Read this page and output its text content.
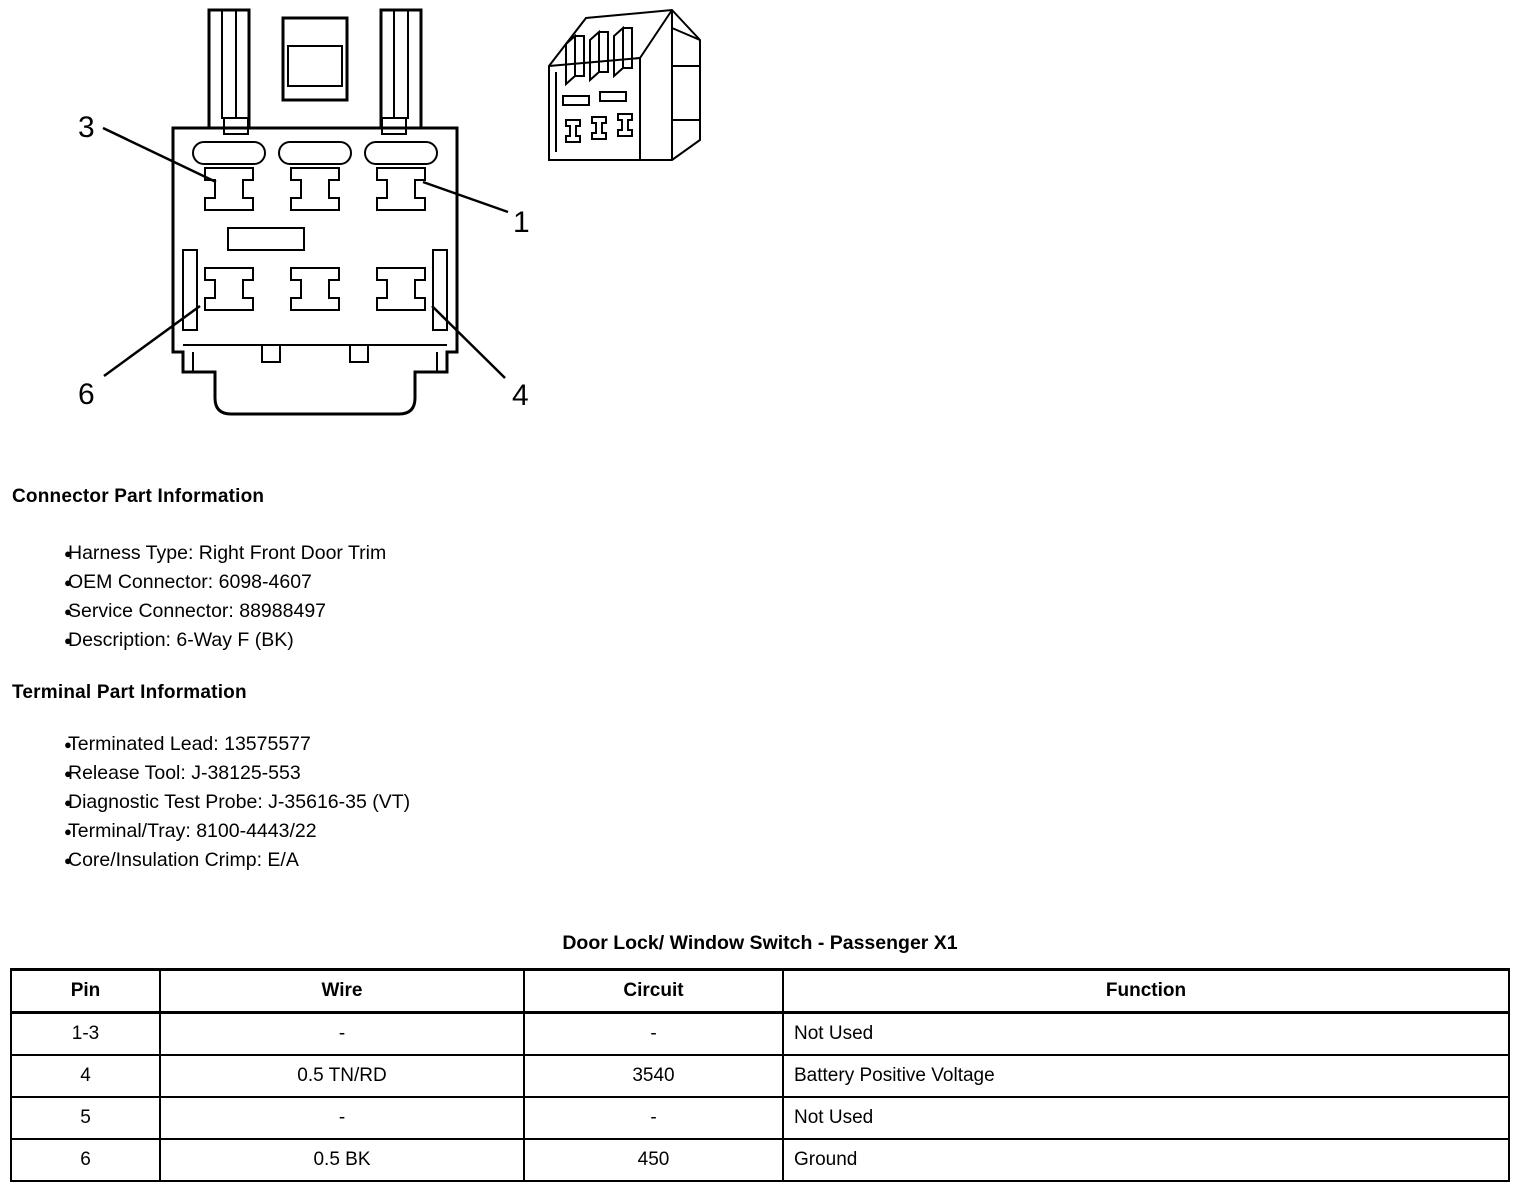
3
1
6	4
Connector Part Information
● Harness Type: Right Front Door Trim
● OEM Connector: 6098-4607
● Service Connector: 88988497
● Description: 6-Way F (BK)
Terminal Part Information
● Terminated Lead: 13575577
● Release Tool: J-38125-553
● Diagnostic Test Probe: J-35616-35 (VT)
● Terminal/Tray: 8100-4443/22
● Core/Insulation Crimp: E/A
Door Lock/ Window Switch - Passenger X1
Pin	Wire	Circuit	Function
1-3	-	-	Not Used
4	0.5 TN/RD	3540	Battery Positive Voltage
5	-	-	Not Used
6	0.5 BK	450	Ground
